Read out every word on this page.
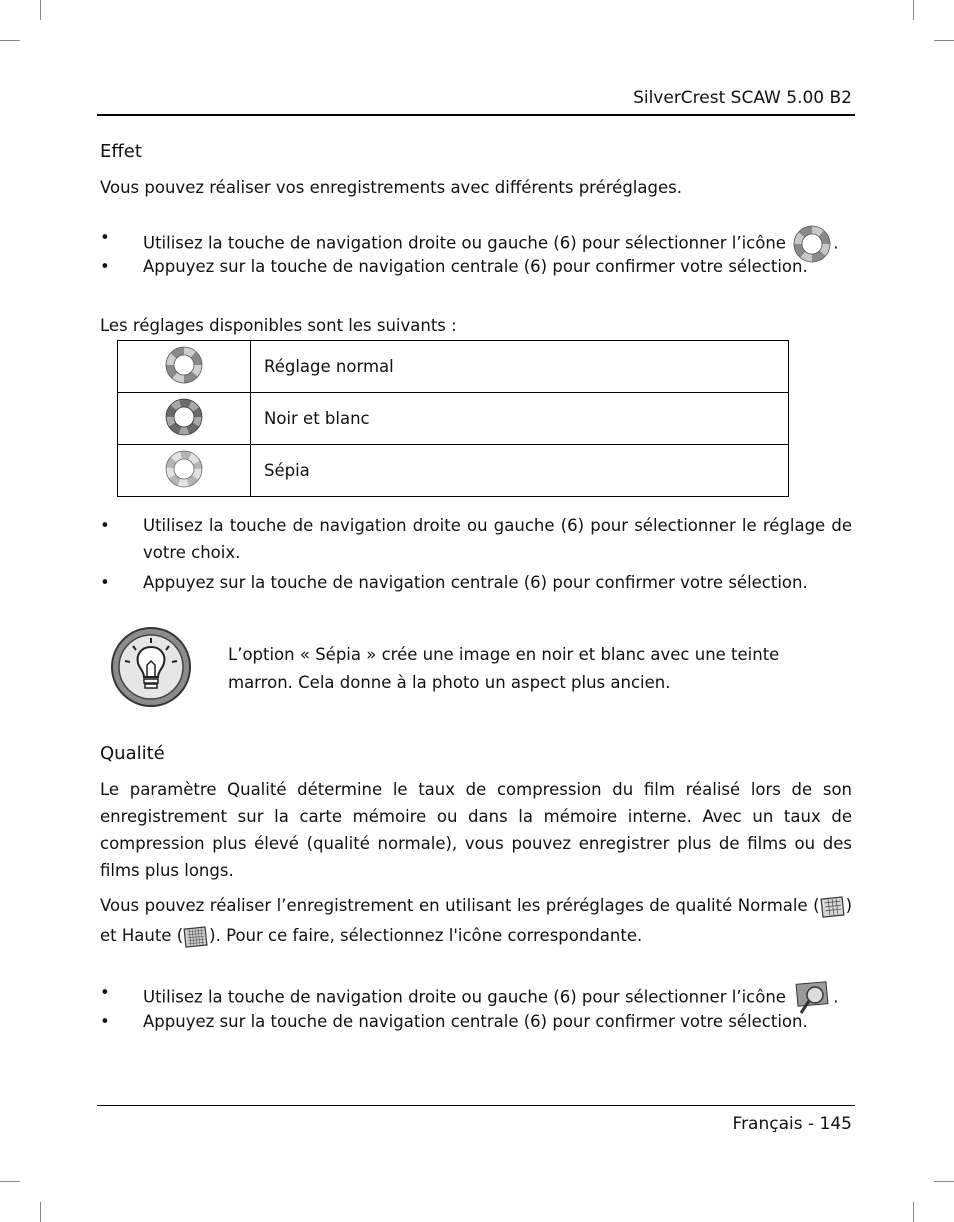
SilverCrest SCAW 5.00 B2
Effet
Vous pouvez réaliser vos enregistrements avec différents préréglages.
• Utilisez la touche de navigation droite ou gauche (6) pour sélectionner l’icône	.
• Appuyez sur la touche de navigation centrale (6) pour confirmer votre sélection.
Les réglages disponibles sont les suivants :
	Réglage normal
	Noir et blanc
	Sépia
• Utilisez la touche de navigation droite ou gauche (6) pour sélectionner le réglage de votre choix.
• Appuyez sur la touche de navigation centrale (6) pour confirmer votre sélection.
L’option « Sépia » crée une image en noir et blanc avec une teinte
marron. Cela donne à la photo un aspect plus ancien.
Qualité
Le paramètre Qualité détermine le taux de compression du film réalisé lors de son enregistrement sur la carte mémoire ou dans la mémoire interne. Avec un taux de compression plus élevé (qualité normale), vous pouvez enregistrer plus de films ou des films plus longs.
Vous pouvez réaliser l’enregistrement en utilisant les préréglages de qualité Normale ( ) et Haute ( ). Pour ce faire, sélectionnez l'icône correspondante.
• Utilisez la touche de navigation droite ou gauche (6) pour sélectionner l’icône	.
• Appuyez sur la touche de navigation centrale (6) pour confirmer votre sélection.
Français - 145
